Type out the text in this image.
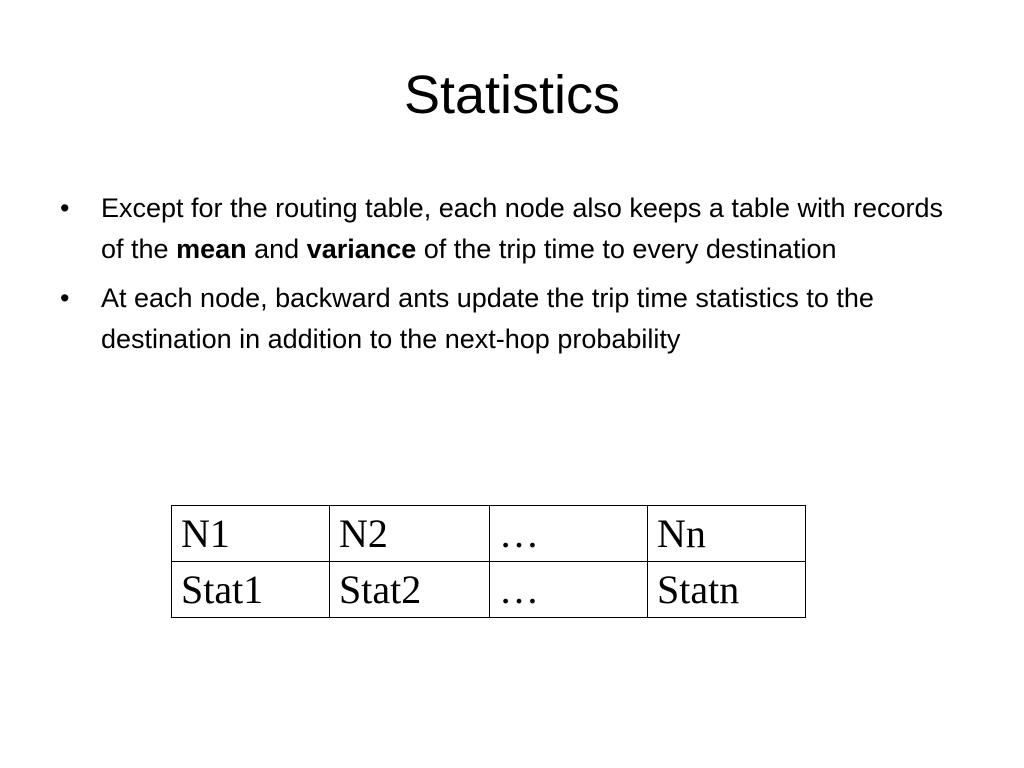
Statistics
•	Except for the routing table, each node also keeps a table with records of the mean and variance of the trip time to every destination
•	At each node, backward ants update the trip time statistics to the destination in addition to the next-hop probability
N1	N2	…	Nn
Stat1	Stat2	…	Statn
